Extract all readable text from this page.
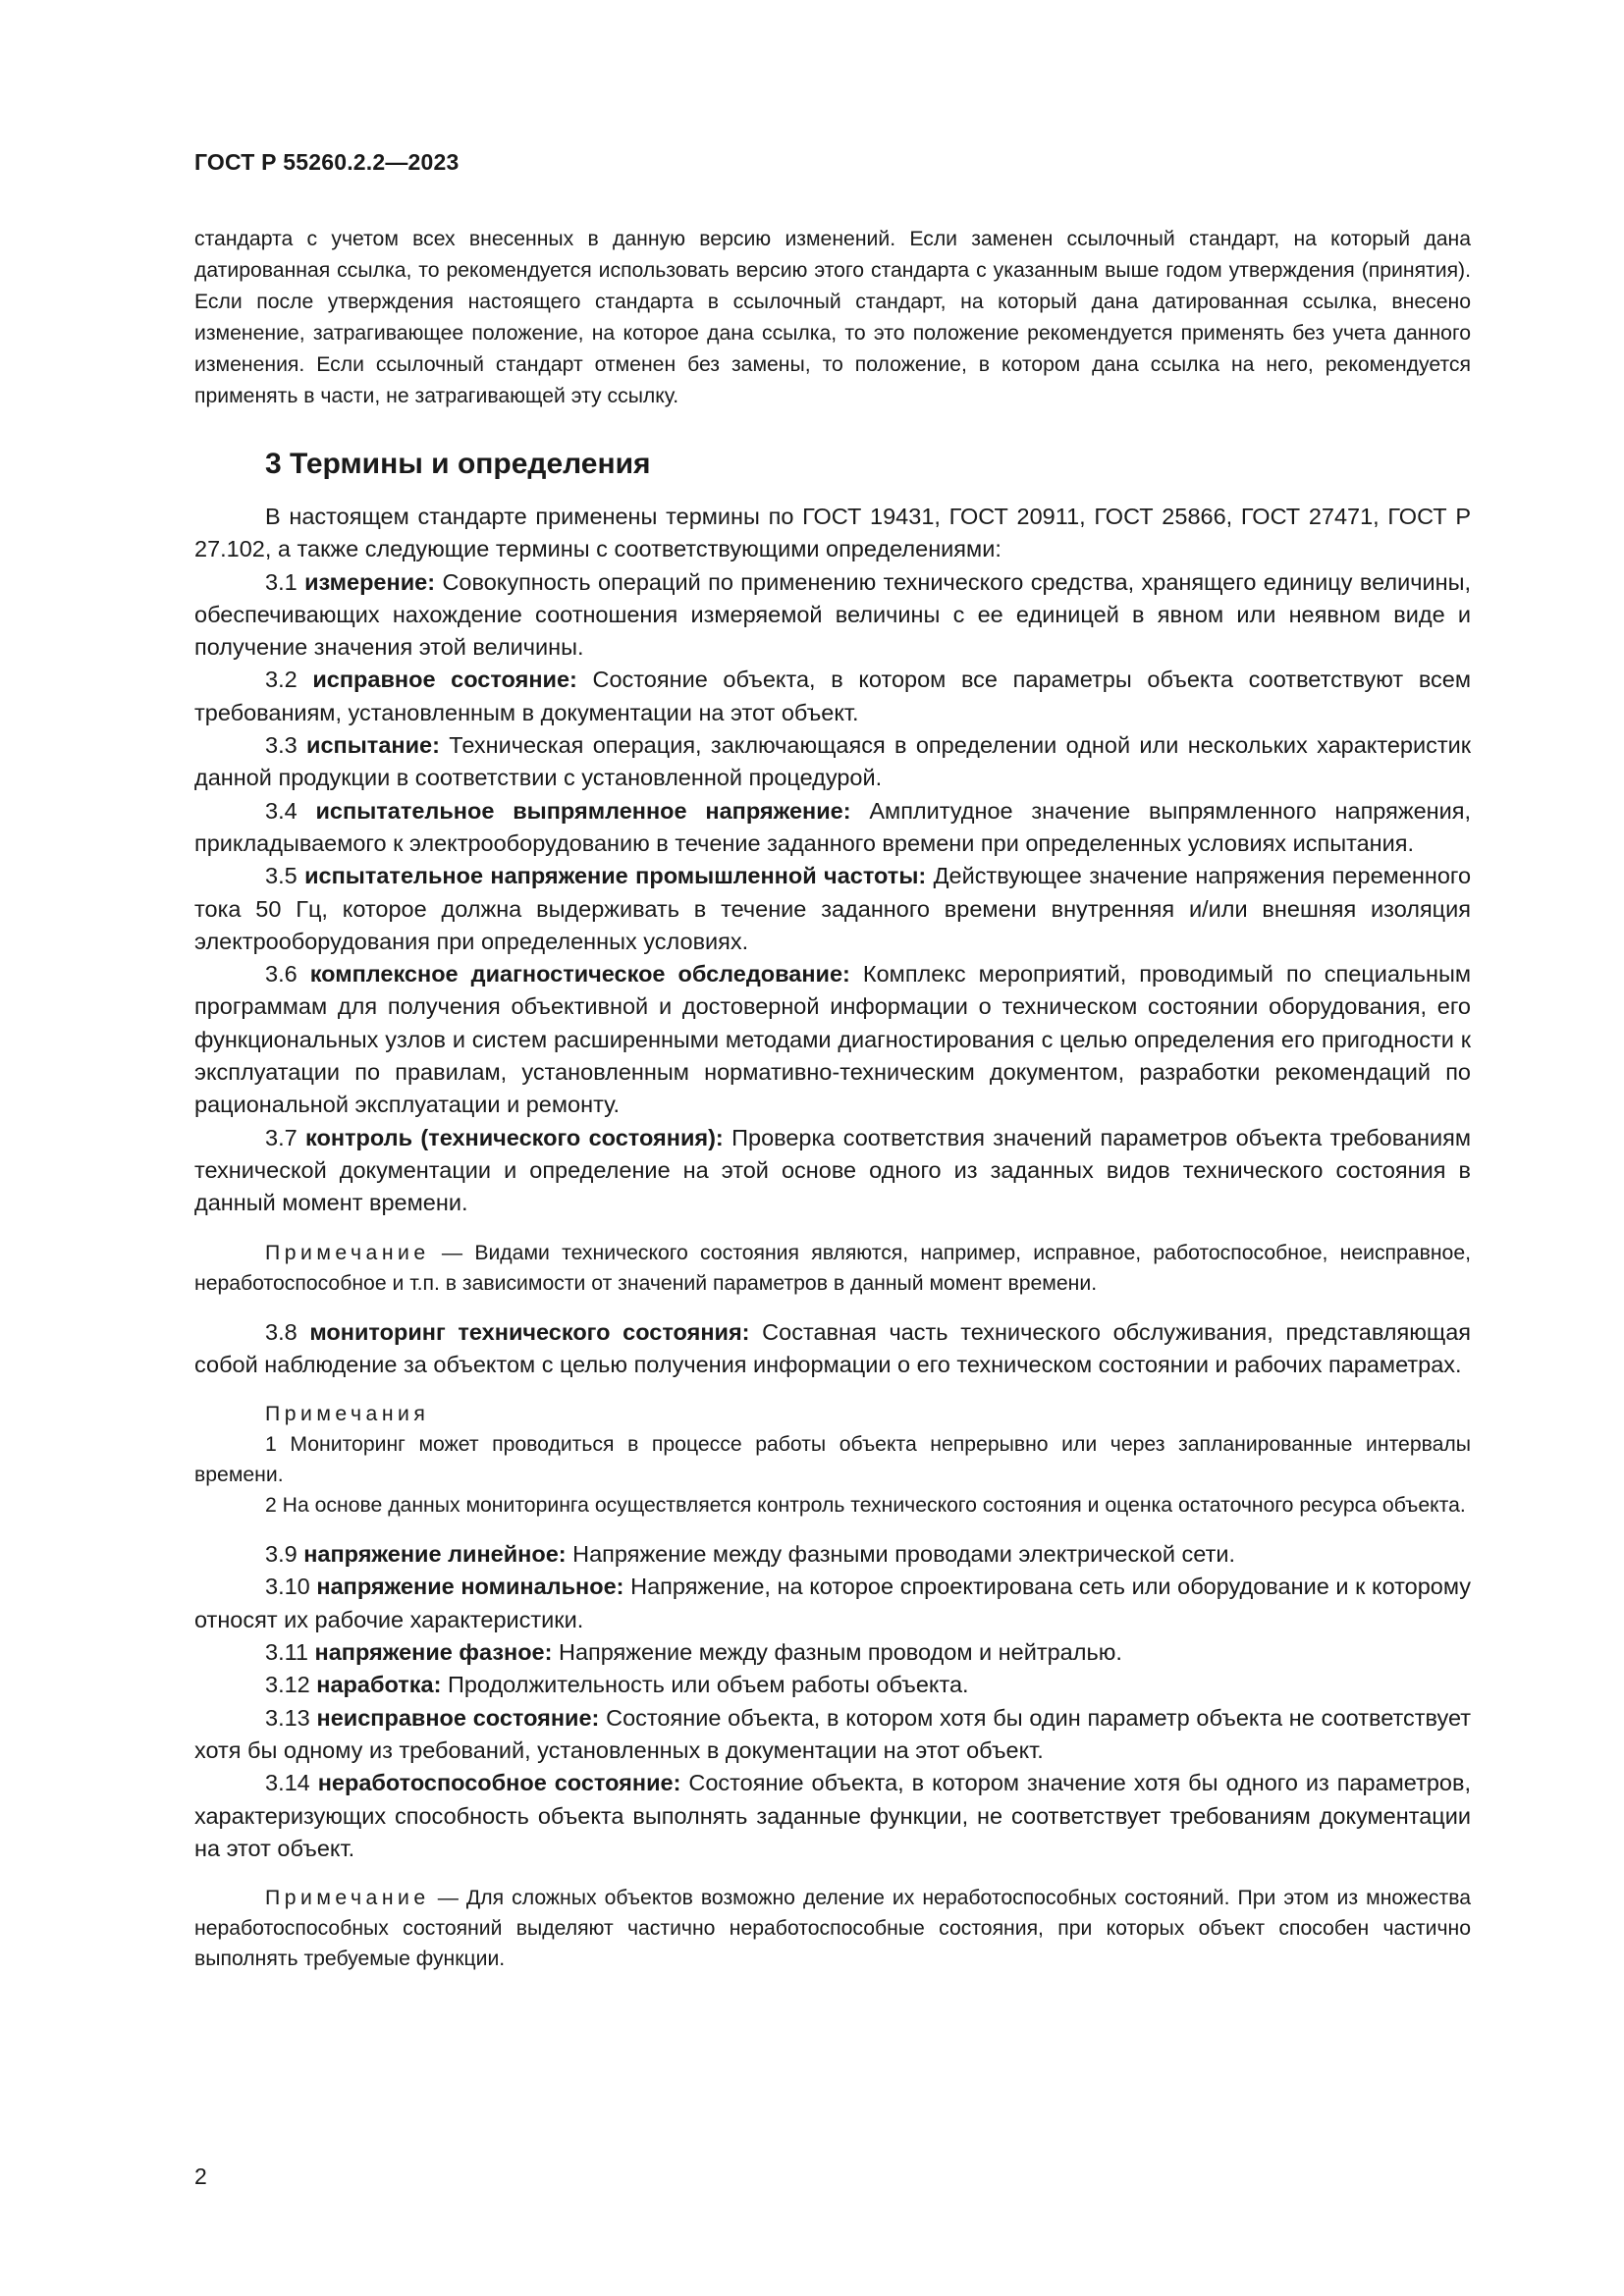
ГОСТ Р 55260.2.2—2023

стандарта с учетом всех внесенных в данную версию изменений. Если заменен ссылочный стандарт, на который дана датированная ссылка, то рекомендуется использовать версию этого стандарта с указанным выше годом утверждения (принятия). Если после утверждения настоящего стандарта в ссылочный стандарт, на который дана датированная ссылка, внесено изменение, затрагивающее положение, на которое дана ссылка, то это положение рекомендуется применять без учета данного изменения. Если ссылочный стандарт отменен без замены, то положение, в котором дана ссылка на него, рекомендуется применять в части, не затрагивающей эту ссылку.

3 Термины и определения

В настоящем стандарте применены термины по ГОСТ 19431, ГОСТ 20911, ГОСТ 25866, ГОСТ 27471, ГОСТ Р 27.102, а также следующие термины с соответствующими определениями:

3.1 измерение: Совокупность операций по применению технического средства, хранящего единицу величины, обеспечивающих нахождение соотношения измеряемой величины с ее единицей в явном или неявном виде и получение значения этой величины.

3.2 исправное состояние: Состояние объекта, в котором все параметры объекта соответствуют всем требованиям, установленным в документации на этот объект.

3.3 испытание: Техническая операция, заключающаяся в определении одной или нескольких характеристик данной продукции в соответствии с установленной процедурой.

3.4 испытательное выпрямленное напряжение: Амплитудное значение выпрямленного напряжения, прикладываемого к электрооборудованию в течение заданного времени при определенных условиях испытания.

3.5 испытательное напряжение промышленной частоты: Действующее значение напряжения переменного тока 50 Гц, которое должна выдерживать в течение заданного времени внутренняя и/или внешняя изоляция электрооборудования при определенных условиях.

3.6 комплексное диагностическое обследование: Комплекс мероприятий, проводимый по специальным программам для получения объективной и достоверной информации о техническом состоянии оборудования, его функциональных узлов и систем расширенными методами диагностирования с целью определения его пригодности к эксплуатации по правилам, установленным нормативно-техническим документом, разработки рекомендаций по рациональной эксплуатации и ремонту.

3.7 контроль (технического состояния): Проверка соответствия значений параметров объекта требованиям технической документации и определение на этой основе одного из заданных видов технического состояния в данный момент времени.

Примечание — Видами технического состояния являются, например, исправное, работоспособное, неисправное, неработоспособное и т.п. в зависимости от значений параметров в данный момент времени.

3.8 мониторинг технического состояния: Составная часть технического обслуживания, представляющая собой наблюдение за объектом с целью получения информации о его техническом состоянии и рабочих параметрах.

Примечания

1 Мониторинг может проводиться в процессе работы объекта непрерывно или через запланированные интервалы времени.

2 На основе данных мониторинга осуществляется контроль технического состояния и оценка остаточного ресурса объекта.

3.9 напряжение линейное: Напряжение между фазными проводами электрической сети.

3.10 напряжение номинальное: Напряжение, на которое спроектирована сеть или оборудование и к которому относят их рабочие характеристики.

3.11 напряжение фазное: Напряжение между фазным проводом и нейтралью.

3.12 наработка: Продолжительность или объем работы объекта.

3.13 неисправное состояние: Состояние объекта, в котором хотя бы один параметр объекта не соответствует хотя бы одному из требований, установленных в документации на этот объект.

3.14 неработоспособное состояние: Состояние объекта, в котором значение хотя бы одного из параметров, характеризующих способность объекта выполнять заданные функции, не соответствует требованиям документации на этот объект.

Примечание — Для сложных объектов возможно деление их неработоспособных состояний. При этом из множества неработоспособных состояний выделяют частично неработоспособные состояния, при которых объект способен частично выполнять требуемые функции.

2
